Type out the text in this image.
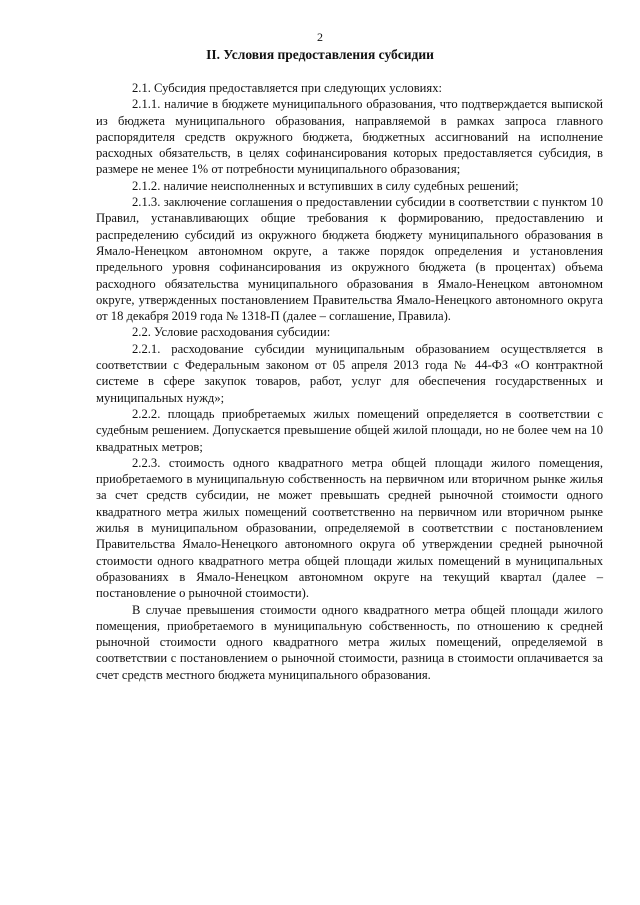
2
II. Условия предоставления субсидии

2.1. Субсидия предоставляется при следующих условиях:

2.1.1. наличие в бюджете муниципального образования, что подтверждается выпиской из бюджета муниципального образования, направляемой в рамках запроса главного распорядителя средств окружного бюджета, бюджетных ассигнований на исполнение расходных обязательств, в целях софинансирования которых предоставляется субсидия, в размере не менее 1% от потребности муниципального образования;

2.1.2. наличие неисполненных и вступивших в силу судебных решений;

2.1.3. заключение соглашения о предоставлении субсидии в соответствии с пунктом 10 Правил, устанавливающих общие требования к формированию, предоставлению и распределению субсидий из окружного бюджета бюджету муниципального образования в Ямало-Ненецком автономном округе, а также порядок определения и установления предельного уровня софинансирования из окружного бюджета (в процентах) объема расходного обязательства муниципального образования в Ямало-Ненецком автономном округе, утвержденных постановлением Правительства Ямало-Ненецкого автономного округа от 18 декабря 2019 года № 1318-П (далее – соглашение, Правила).

2.2. Условие расходования субсидии:

2.2.1. расходование субсидии муниципальным образованием осуществляется в соответствии с Федеральным законом от 05 апреля 2013 года № 44-ФЗ «О контрактной системе в сфере закупок товаров, работ, услуг для обеспечения государственных и муниципальных нужд»;

2.2.2. площадь приобретаемых жилых помещений определяется в соответствии с судебным решением. Допускается превышение общей жилой площади, но не более чем на 10 квадратных метров;

2.2.3. стоимость одного квадратного метра общей площади жилого помещения, приобретаемого в муниципальную собственность на первичном или вторичном рынке жилья за счет средств субсидии, не может превышать средней рыночной стоимости одного квадратного метра жилых помещений соответственно на первичном или вторичном рынке жилья в муниципальном образовании, определяемой в соответствии с постановлением Правительства Ямало-Ненецкого автономного округа об утверждении средней рыночной стоимости одного квадратного метра общей площади жилых помещений в муниципальных образованиях в Ямало-Ненецком автономном округе на текущий квартал (далее – постановление о рыночной стоимости).

В случае превышения стоимости одного квадратного метра общей площади жилого помещения, приобретаемого в муниципальную собственность, по отношению к средней рыночной стоимости одного квадратного метра жилых помещений, определяемой в соответствии с постановлением о рыночной стоимости, разница в стоимости оплачивается за счет средств местного бюджета муниципального образования.
